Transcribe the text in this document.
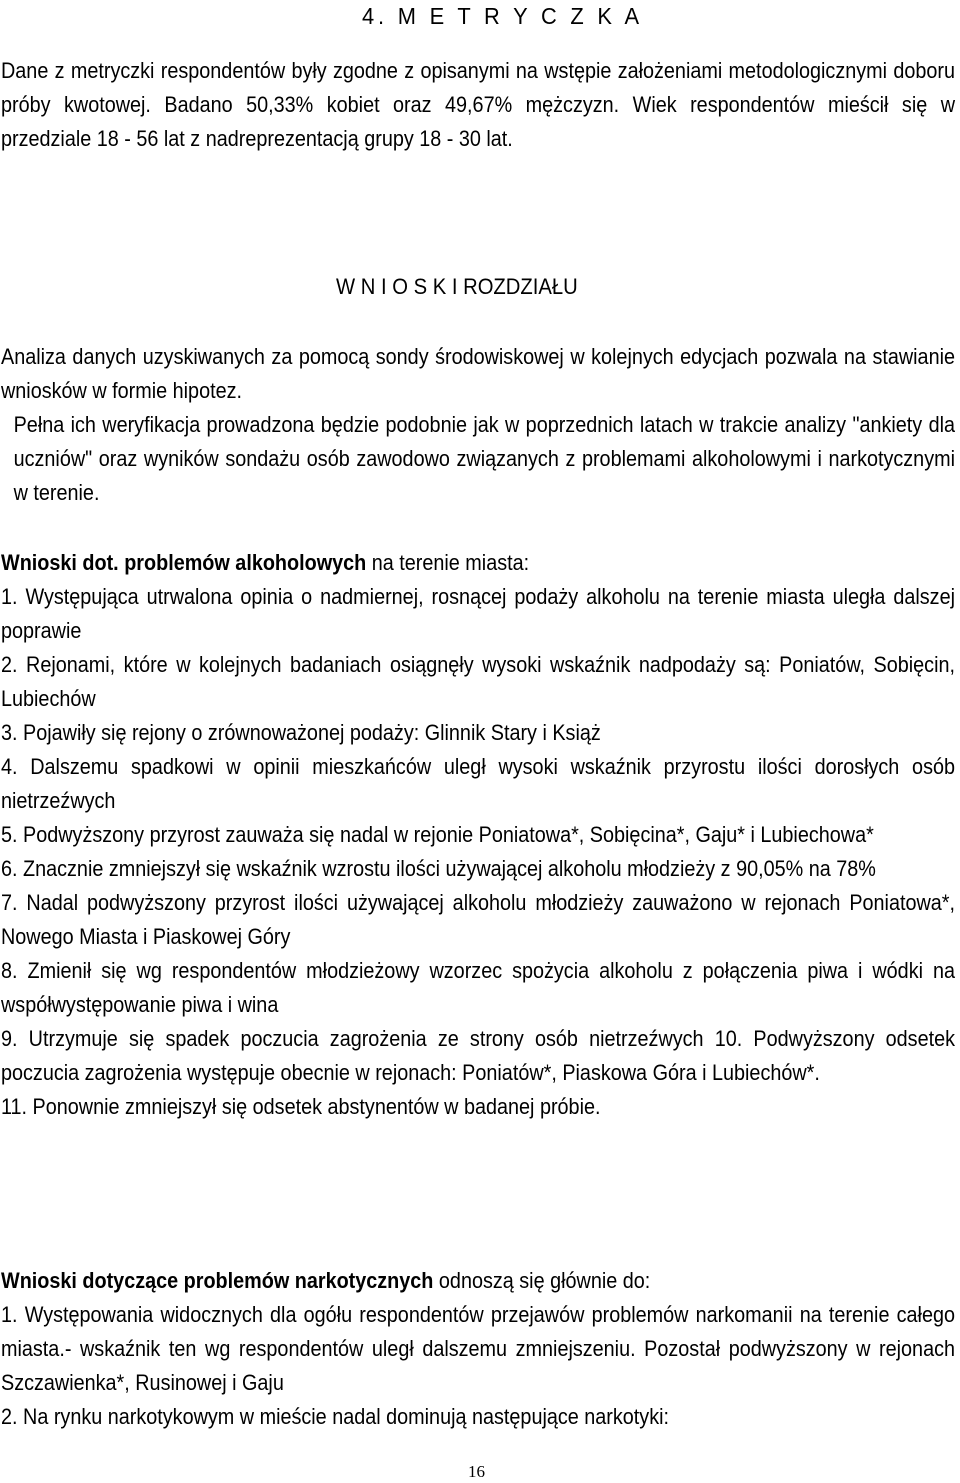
4. M E T R Y C Z K A

Dane z metryczki respondentów były zgodne z opisanymi na wstępie założeniami metodologicznymi doboru próby kwotowej. Badano 50,33% kobiet oraz 49,67% mężczyzn. Wiek respondentów mieścił się w przedziale 18 - 56 lat z nadreprezentacją grupy 18 - 30 lat.

W N I O S K I ROZDZIAŁU

Analiza danych uzyskiwanych za pomocą sondy środowiskowej w kolejnych edycjach pozwala na stawianie wniosków w formie hipotez.

Pełna ich weryfikacja prowadzona będzie podobnie jak w poprzednich latach w trakcie analizy "ankiety dla uczniów" oraz wyników sondażu osób zawodowo związanych z problemami alkoholowymi i narkotycznymi w terenie.

Wnioski dot. problemów alkoholowych na terenie miasta:

1. Występująca utrwalona opinia o nadmiernej, rosnącej podaży alkoholu na terenie miasta uległa dalszej poprawie

2. Rejonami, które w kolejnych badaniach osiągnęły wysoki wskaźnik nadpodaży są: Poniatów, Sobięcin, Lubiechów

3. Pojawiły się rejony o zrównoważonej podaży: Glinnik Stary i Książ

4. Dalszemu spadkowi w opinii mieszkańców uległ wysoki wskaźnik przyrostu ilości dorosłych osób nietrzeźwych

5. Podwyższony przyrost zauważa się nadal w rejonie Poniatowa*, Sobięcina*, Gaju* i Lubiechowa*

6. Znacznie zmniejszył się wskaźnik wzrostu ilości używającej alkoholu młodzieży z 90,05% na 78%

7. Nadal podwyższony przyrost ilości używającej alkoholu młodzieży zauważono w rejonach Poniatowa*, Nowego Miasta i Piaskowej Góry

8. Zmienił się wg respondentów młodzieżowy wzorzec spożycia alkoholu z połączenia piwa i wódki na współwystępowanie piwa i wina

9. Utrzymuje się spadek poczucia zagrożenia ze strony osób nietrzeźwych 10. Podwyższony odsetek poczucia zagrożenia występuje obecnie w rejonach: Poniatów*, Piaskowa Góra i Lubiechów*.

11. Ponownie zmniejszył się odsetek abstynentów w badanej próbie.

Wnioski dotyczące problemów narkotycznych odnoszą się głównie do:

1. Występowania widocznych dla ogółu respondentów przejawów problemów narkomanii na terenie całego miasta.- wskaźnik ten wg respondentów uległ dalszemu zmniejszeniu. Pozostał podwyższony w rejonach Szczawienka*, Rusinowej i Gaju

2. Na rynku narkotykowym w mieście nadal dominują następujące narkotyki:

16
